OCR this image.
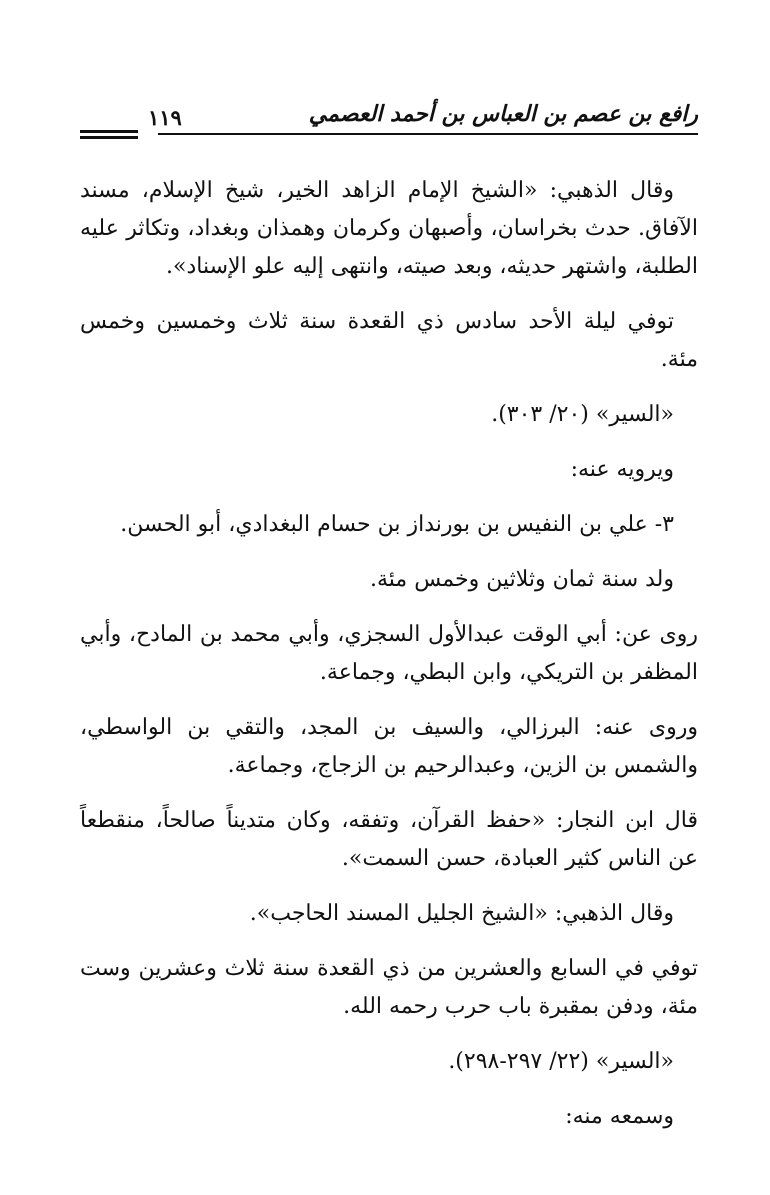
رافع بن عصم بن العباس بن أحمد العصمي
١١٩

وقال الذهبي: «الشيخ الإمام الزاهد الخير، شيخ الإسلام، مسند الآفاق. حدث بخراسان، وأصبهان وكرمان وهمذان وبغداد، وتكاثر عليه الطلبة، واشتهر حديثه، وبعد صيته، وانتهى إليه علو الإسناد».

توفي ليلة الأحد سادس ذي القعدة سنة ثلاث وخمسين وخمس مئة.

«السير» (٢٠/ ٣٠٣).

ويرويه عنه:

٣- علي بن النفيس بن بورنداز بن حسام البغدادي، أبو الحسن.

ولد سنة ثمان وثلاثين وخمس مئة.

روى عن: أبي الوقت عبدالأول السجزي، وأبي محمد بن المادح، وأبي المظفر بن التريكي، وابن البطي، وجماعة.

وروى عنه: البرزالي، والسيف بن المجد، والتقي بن الواسطي، والشمس بن الزين، وعبدالرحيم بن الزجاج، وجماعة.

قال ابن النجار: «حفظ القرآن، وتفقه، وكان متديناً صالحاً، منقطعاً عن الناس كثير العبادة، حسن السمت».

وقال الذهبي: «الشيخ الجليل المسند الحاجب».

توفي في السابع والعشرين من ذي القعدة سنة ثلاث وعشرين وست مئة، ودفن بمقبرة باب حرب رحمه الله.

«السير» (٢٢/ ٢٩٧-٢٩٨).

وسمعه منه:
